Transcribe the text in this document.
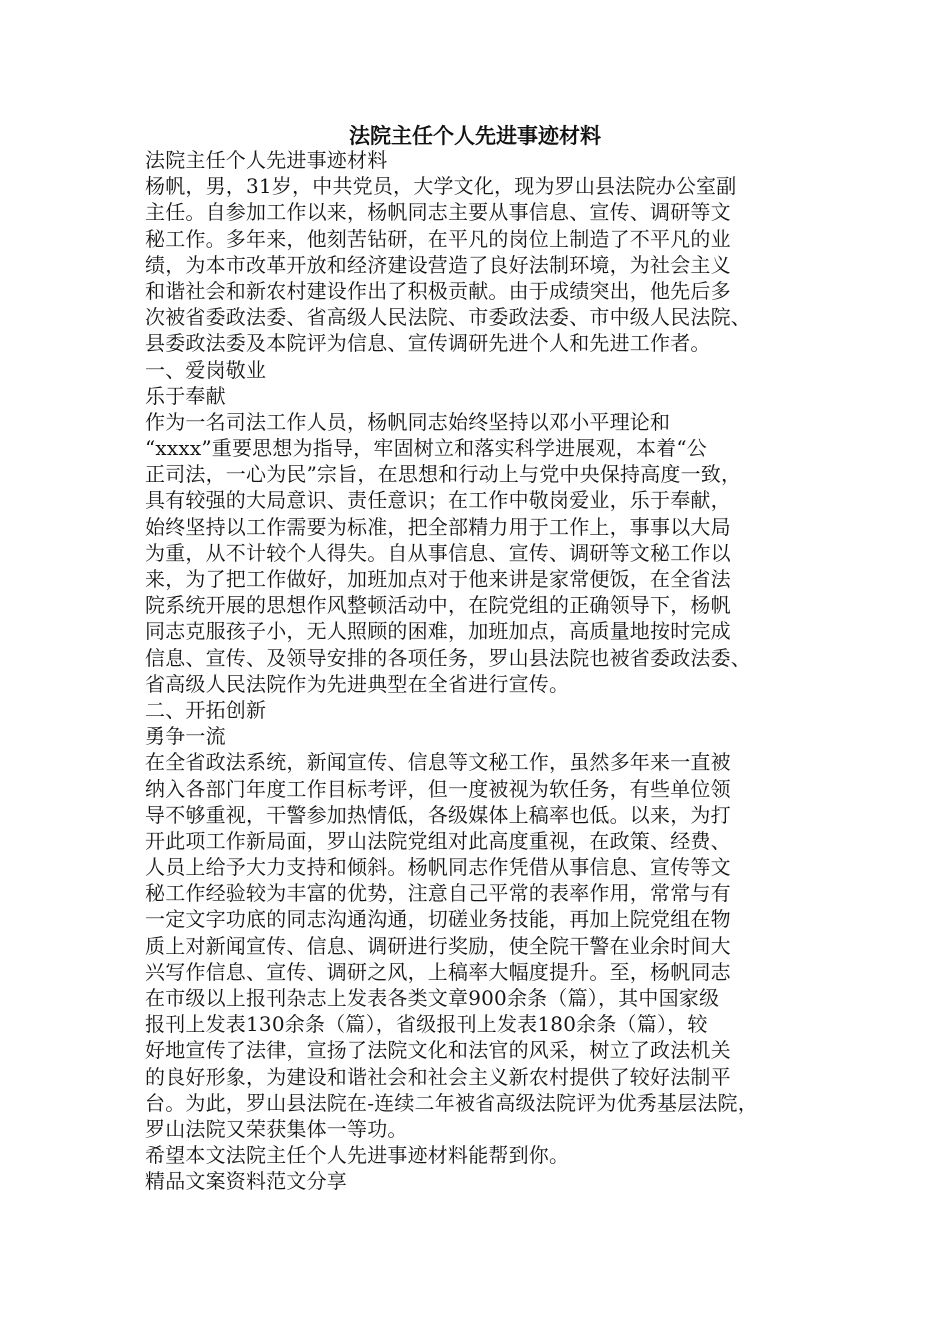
法院主任个人先进事迹材料
法院主任个人先进事迹材料
杨帆，男，31岁，中共党员，大学文化，现为罗山县法院办公室副
主任。自参加工作以来，杨帆同志主要从事信息、宣传、调研等文
秘工作。多年来，他刻苦钻研，在平凡的岗位上制造了不平凡的业
绩，为本市改革开放和经济建设营造了良好法制环境，为社会主义
和谐社会和新农村建设作出了积极贡献。由于成绩突出，他先后多
次被省委政法委、省高级人民法院、市委政法委、市中级人民法院、
县委政法委及本院评为信息、宣传调研先进个人和先进工作者。
一、爱岗敬业
乐于奉献
作为一名司法工作人员，杨帆同志始终坚持以邓小平理论和
“xxxx”重要思想为指导，牢固树立和落实科学进展观，本着“公
正司法，一心为民”宗旨，在思想和行动上与党中央保持高度一致，
具有较强的大局意识、责任意识；在工作中敬岗爱业，乐于奉献，
始终坚持以工作需要为标准，把全部精力用于工作上，事事以大局
为重，从不计较个人得失。自从事信息、宣传、调研等文秘工作以
来，为了把工作做好，加班加点对于他来讲是家常便饭，在全省法
院系统开展的思想作风整顿活动中，在院党组的正确领导下，杨帆
同志克服孩子小，无人照顾的困难，加班加点，高质量地按时完成
信息、宣传、及领导安排的各项任务，罗山县法院也被省委政法委、
省高级人民法院作为先进典型在全省进行宣传。
二、开拓创新
勇争一流
在全省政法系统，新闻宣传、信息等文秘工作，虽然多年来一直被
纳入各部门年度工作目标考评，但一度被视为软任务，有些单位领
导不够重视，干警参加热情低，各级媒体上稿率也低。以来，为打
开此项工作新局面，罗山法院党组对此高度重视，在政策、经费、
人员上给予大力支持和倾斜。杨帆同志作凭借从事信息、宣传等文
秘工作经验较为丰富的优势，注意自己平常的表率作用，常常与有
一定文字功底的同志沟通沟通，切磋业务技能，再加上院党组在物
质上对新闻宣传、信息、调研进行奖励，使全院干警在业余时间大
兴写作信息、宣传、调研之风，上稿率大幅度提升。至，杨帆同志
在市级以上报刊杂志上发表各类文章900余条（篇），其中国家级
报刊上发表130余条（篇），省级报刊上发表180余条（篇），较
好地宣传了法律，宣扬了法院文化和法官的风采，树立了政法机关
的良好形象，为建设和谐社会和社会主义新农村提供了较好法制平
台。为此，罗山县法院在-连续二年被省高级法院评为优秀基层法院，
罗山法院又荣获集体一等功。
希望本文法院主任个人先进事迹材料能帮到你。
精品文案资料范文分享
